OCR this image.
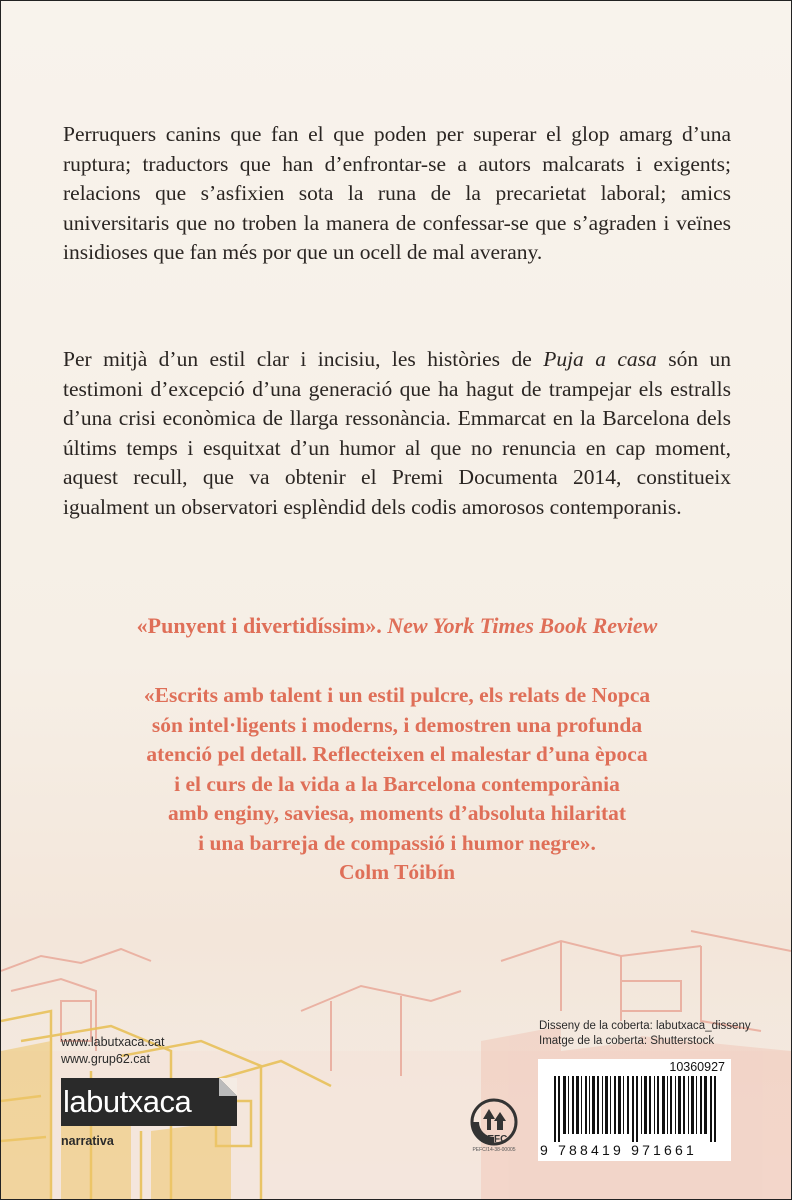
Perruquers canins que fan el que poden per superar el glop amarg d’una ruptura; traductors que han d’enfrontar-se a autors malcarats i exigents; relacions que s’asfixien sota la runa de la precarietat laboral; amics universitaris que no troben la manera de confessar-se que s’agraden i veïnes insidioses que fan més por que un ocell de mal averany.

Per mitjà d’un estil clar i incisiu, les històries de Puja a casa són un testimoni d’excepció d’una generació que ha hagut de trampejar els estralls d’una crisi econòmica de llarga ressonància. Emmarcat en la Barcelona dels últims temps i esquitxat d’un humor al que no renuncia en cap moment, aquest recull, que va obtenir el Premi Documenta 2014, constitueix igualment un observatori esplèndid dels codis amorosos contemporanis.

«Punyent i divertidíssim». New York Times Book Review
«Escrits amb talent i un estil pulcre, els relats de Nopca
són intel·ligents i moderns, i demostren una profunda
atenció pel detall. Reflecteixen el malestar d’una època
i el curs de la vida a la Barcelona contemporània
amb enginy, saviesa, moments d’absoluta hilaritat
i una barreja de compassió i humor negre».
Colm Tóibín
www.labutxaca.cat
www.grup62.cat
labutxaca
narrativa
Disseny de la coberta: labutxaca_disseny
Imatge de la coberta: Shutterstock
PEFC
PEFC/14-38-00005
10360927
9 788419 971661
